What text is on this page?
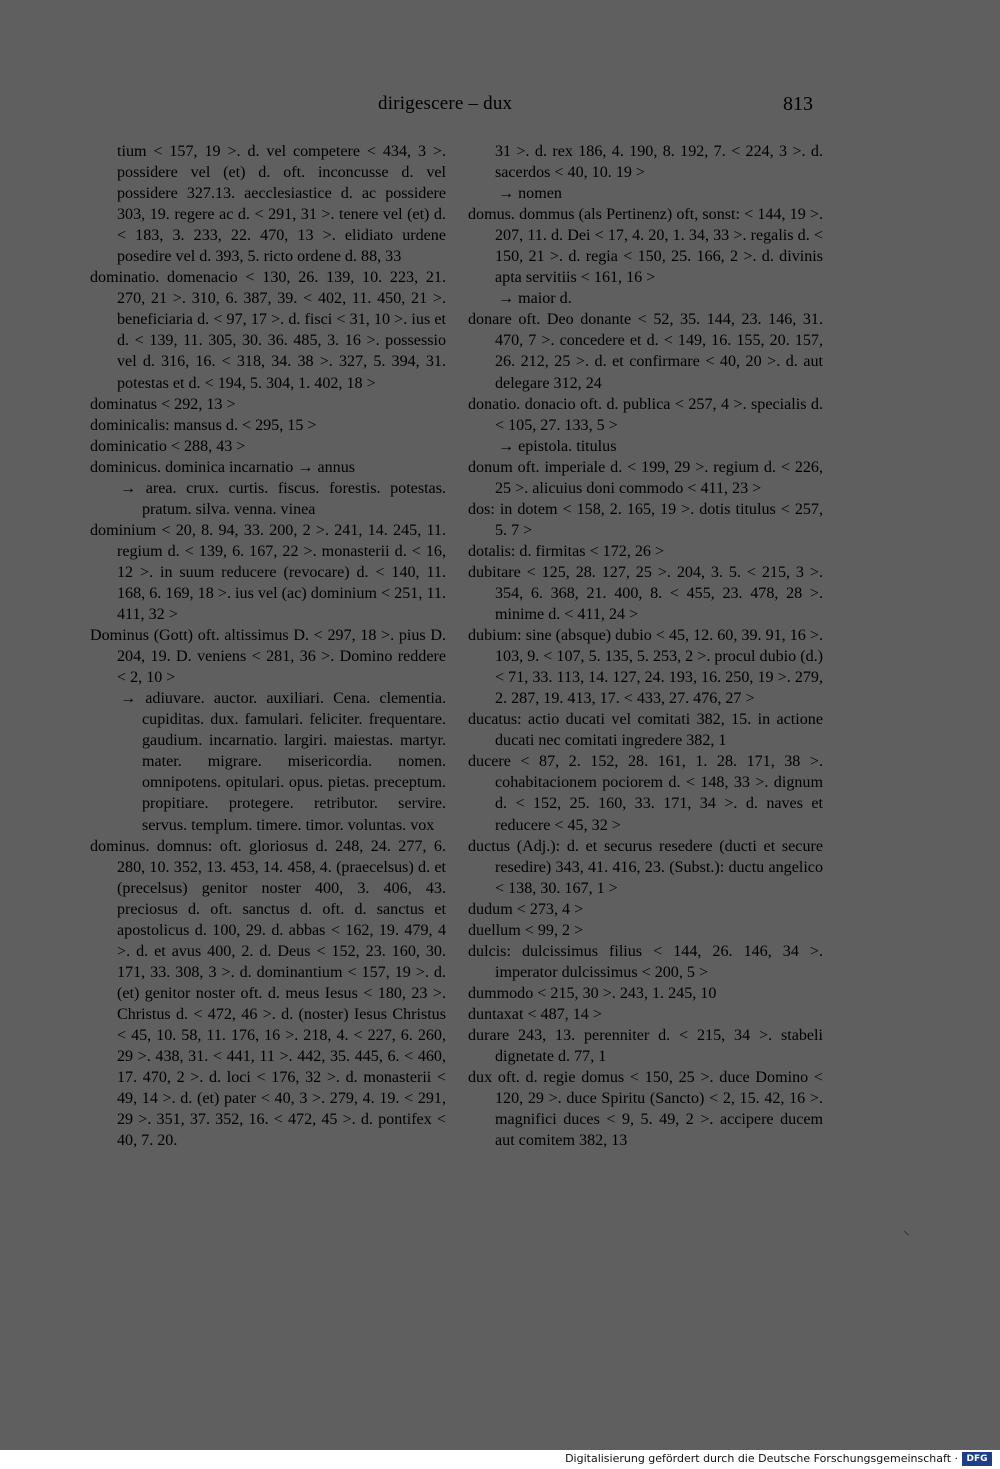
dirigescere – dux	813

tium < 157, 19 >. d. vel competere < 434, 3 >. possidere vel (et) d. oft. inconcusse d. vel possidere 327.13. aecclesiastice d. ac possidere 303, 19. regere ac d. < 291, 31 >. tenere vel (et) d. < 183, 3. 233, 22. 470, 13 >. elidiato urdene posedire vel d. 393, 5. ricto ordene d. 88, 33

dominatio. domenacio < 130, 26. 139, 10. 223, 21. 270, 21 >. 310, 6. 387, 39. < 402, 11. 450, 21 >. beneficiaria d. < 97, 17 >. d. fisci < 31, 10 >. ius et d. < 139, 11. 305, 30. 36. 485, 3. 16 >. possessio vel d. 316, 16. < 318, 34. 38 >. 327, 5. 394, 31. potestas et d. < 194, 5. 304, 1. 402, 18 >

dominatus < 292, 13 >

dominicalis: mansus d. < 295, 15 >

dominicatio < 288, 43 >

dominicus. dominica incarnatio → annus

→ area. crux. curtis. fiscus. forestis. potestas. pratum. silva. venna. vinea

dominium < 20, 8. 94, 33. 200, 2 >. 241, 14. 245, 11. regium d. < 139, 6. 167, 22 >. monasterii d. < 16, 12 >. in suum reducere (revocare) d. < 140, 11. 168, 6. 169, 18 >. ius vel (ac) dominium < 251, 11. 411, 32 >

Dominus (Gott) oft. altissimus D. < 297, 18 >. pius D. 204, 19. D. veniens < 281, 36 >. Domino reddere < 2, 10 >

→ adiuvare. auctor. auxiliari. Cena. clementia. cupiditas. dux. famulari. feliciter. frequentare. gaudium. incarnatio. largiri. maiestas. martyr. mater. migrare. misericordia. nomen. omnipotens. opitulari. opus. pietas. preceptum. propitiare. protegere. retributor. servire. servus. templum. timere. timor. voluntas. vox

dominus. domnus: oft. gloriosus d. 248, 24. 277, 6. 280, 10. 352, 13. 453, 14. 458, 4. (praecelsus) d. et (precelsus) genitor noster 400, 3. 406, 43. preciosus d. oft. sanctus d. oft. d. sanctus et apostolicus d. 100, 29. d. abbas < 162, 19. 479, 4 >. d. et avus 400, 2. d. Deus < 152, 23. 160, 30. 171, 33. 308, 3 >. d. dominantium < 157, 19 >. d. (et) genitor noster oft. d. meus Iesus < 180, 23 >. Christus d. < 472, 46 >. d. (noster) Iesus Christus < 45, 10. 58, 11. 176, 16 >. 218, 4. < 227, 6. 260, 29 >. 438, 31. < 441, 11 >. 442, 35. 445, 6. < 460, 17. 470, 2 >. d. loci < 176, 32 >. d. monasterii < 49, 14 >. d. (et) pater < 40, 3 >. 279, 4. 19. < 291, 29 >. 351, 37. 352, 16. < 472, 45 >. d. pontifex < 40, 7. 20.

31 >. d. rex 186, 4. 190, 8. 192, 7. < 224, 3 >. d. sacerdos < 40, 10. 19 >

→ nomen

domus. dommus (als Pertinenz) oft, sonst: < 144, 19 >. 207, 11. d. Dei < 17, 4. 20, 1. 34, 33 >. regalis d. < 150, 21 >. d. regia < 150, 25. 166, 2 >. d. divinis apta servitiis < 161, 16 >

→ maior d.

donare oft. Deo donante < 52, 35. 144, 23. 146, 31. 470, 7 >. concedere et d. < 149, 16. 155, 20. 157, 26. 212, 25 >. d. et confirmare < 40, 20 >. d. aut delegare 312, 24

donatio. donacio oft. d. publica < 257, 4 >. specialis d. < 105, 27. 133, 5 >

→ epistola. titulus

donum oft. imperiale d. < 199, 29 >. regium d. < 226, 25 >. alicuius doni commodo < 411, 23 >

dos: in dotem < 158, 2. 165, 19 >. dotis titulus < 257, 5. 7 >

dotalis: d. firmitas < 172, 26 >

dubitare < 125, 28. 127, 25 >. 204, 3. 5. < 215, 3 >. 354, 6. 368, 21. 400, 8. < 455, 23. 478, 28 >. minime d. < 411, 24 >

dubium: sine (absque) dubio < 45, 12. 60, 39. 91, 16 >. 103, 9. < 107, 5. 135, 5. 253, 2 >. procul dubio (d.) < 71, 33. 113, 14. 127, 24. 193, 16. 250, 19 >. 279, 2. 287, 19. 413, 17. < 433, 27. 476, 27 >

ducatus: actio ducati vel comitati 382, 15. in actione ducati nec comitati ingredere 382, 1

ducere < 87, 2. 152, 28. 161, 1. 28. 171, 38 >. cohabitacionem pociorem d. < 148, 33 >. dignum d. < 152, 25. 160, 33. 171, 34 >. d. naves et reducere < 45, 32 >

ductus (Adj.): d. et securus resedere (ducti et secure resedire) 343, 41. 416, 23. (Subst.): ductu angelico < 138, 30. 167, 1 >

dudum < 273, 4 >

duellum < 99, 2 >

dulcis: dulcissimus filius < 144, 26. 146, 34 >. imperator dulcissimus < 200, 5 >

dummodo < 215, 30 >. 243, 1. 245, 10

duntaxat < 487, 14 >

durare 243, 13. perenniter d. < 215, 34 >. stabeli dignetate d. 77, 1

dux oft. d. regie domus < 150, 25 >. duce Domino < 120, 29 >. duce Spiritu (Sancto) < 2, 15. 42, 16 >. magnifici duces < 9, 5. 49, 2 >. accipere ducem aut comitem 382, 13

Digitalisierung gefördert durch die Deutsche Forschungsgemeinschaft · DFG
